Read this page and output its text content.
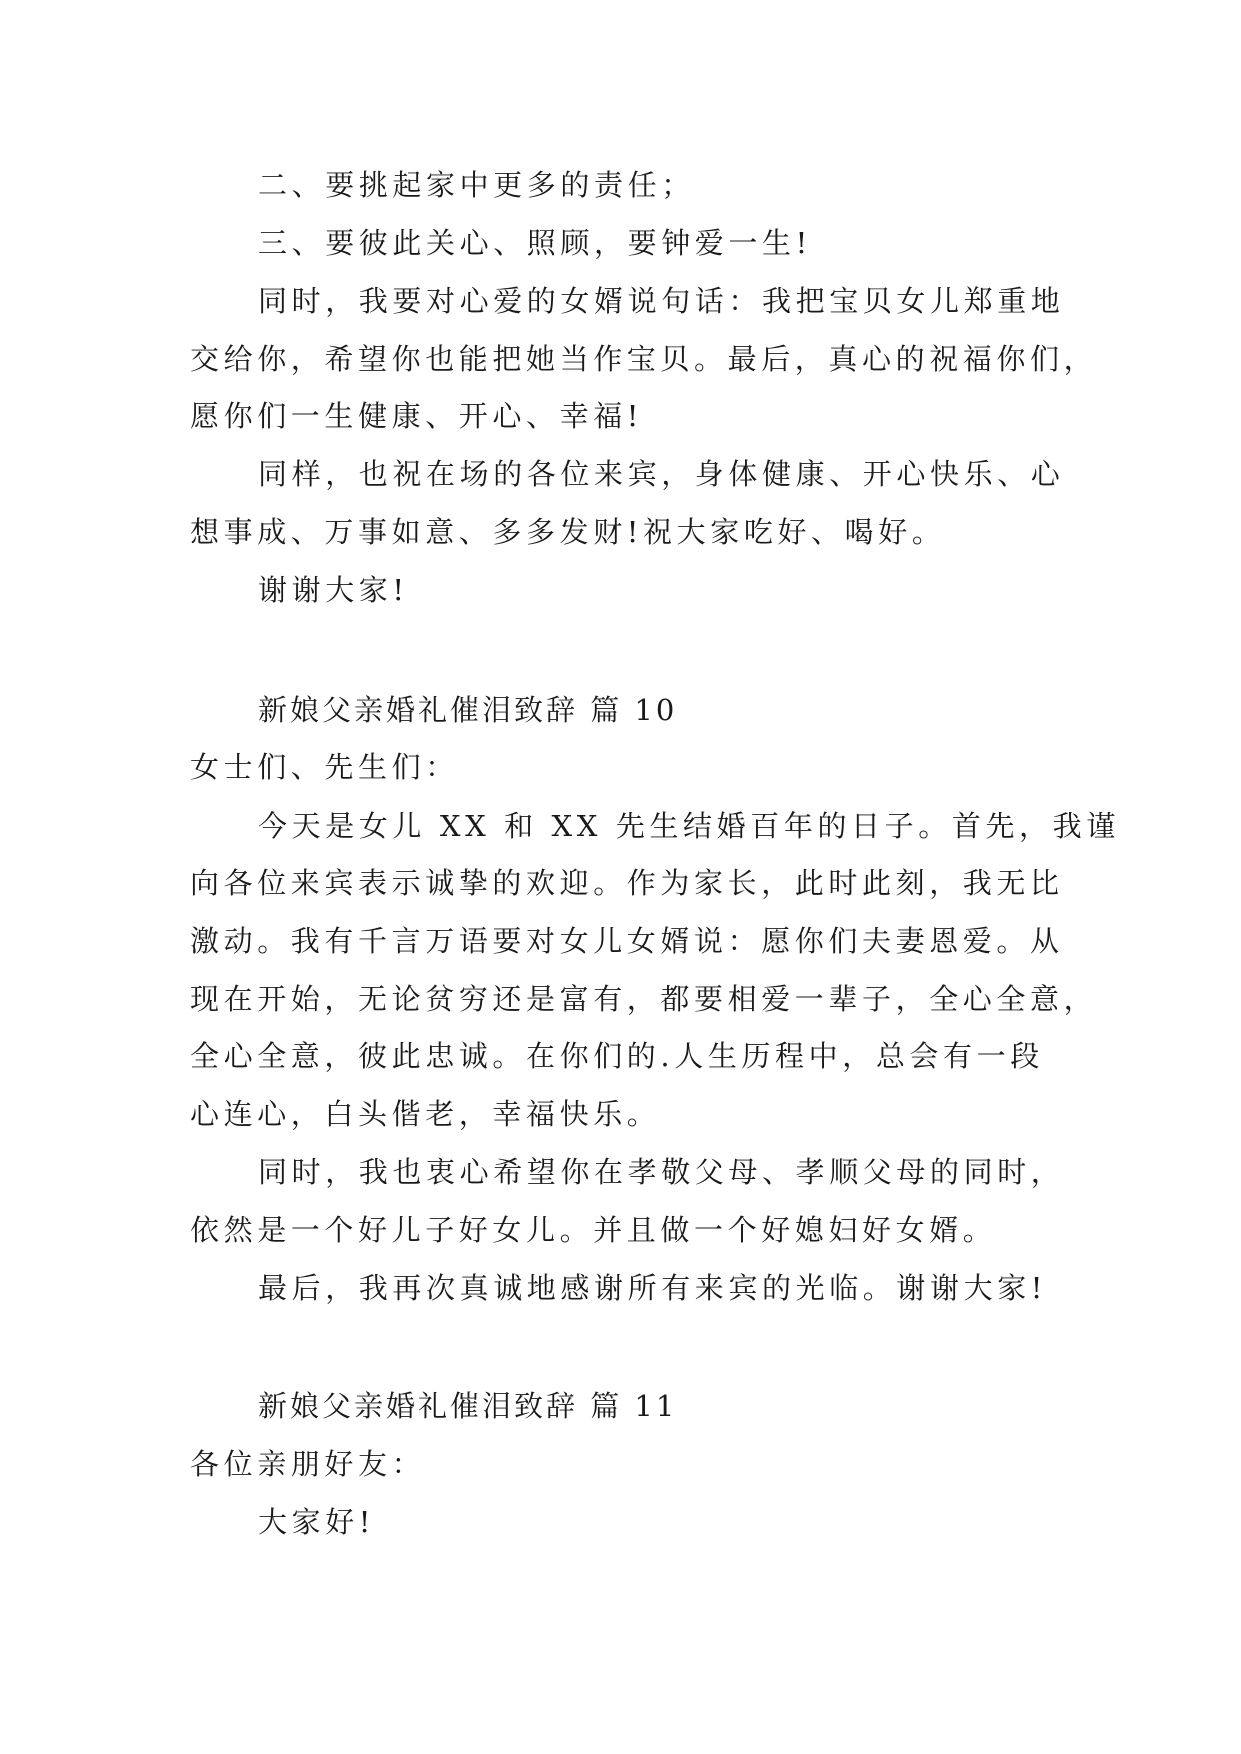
二、要挑起家中更多的责任；
三、要彼此关心、照顾，要钟爱一生!
同时，我要对心爱的女婿说句话：我把宝贝女儿郑重地
交给你，希望你也能把她当作宝贝。最后，真心的祝福你们，
愿你们一生健康、开心、幸福!
同样，也祝在场的各位来宾，身体健康、开心快乐、心
想事成、万事如意、多多发财!祝大家吃好、喝好。
谢谢大家!
新娘父亲婚礼催泪致辞 篇 10
女士们、先生们：
今天是女儿 XX 和 XX 先生结婚百年的日子。首先，我谨
向各位来宾表示诚挚的欢迎。作为家长，此时此刻，我无比
激动。我有千言万语要对女儿女婿说：愿你们夫妻恩爱。从
现在开始，无论贫穷还是富有，都要相爱一辈子，全心全意，
全心全意，彼此忠诚。在你们的.人生历程中，总会有一段
心连心，白头偕老，幸福快乐。
同时，我也衷心希望你在孝敬父母、孝顺父母的同时，
依然是一个好儿子好女儿。并且做一个好媳妇好女婿。
最后，我再次真诚地感谢所有来宾的光临。谢谢大家!
新娘父亲婚礼催泪致辞 篇 11
各位亲朋好友：
大家好!
